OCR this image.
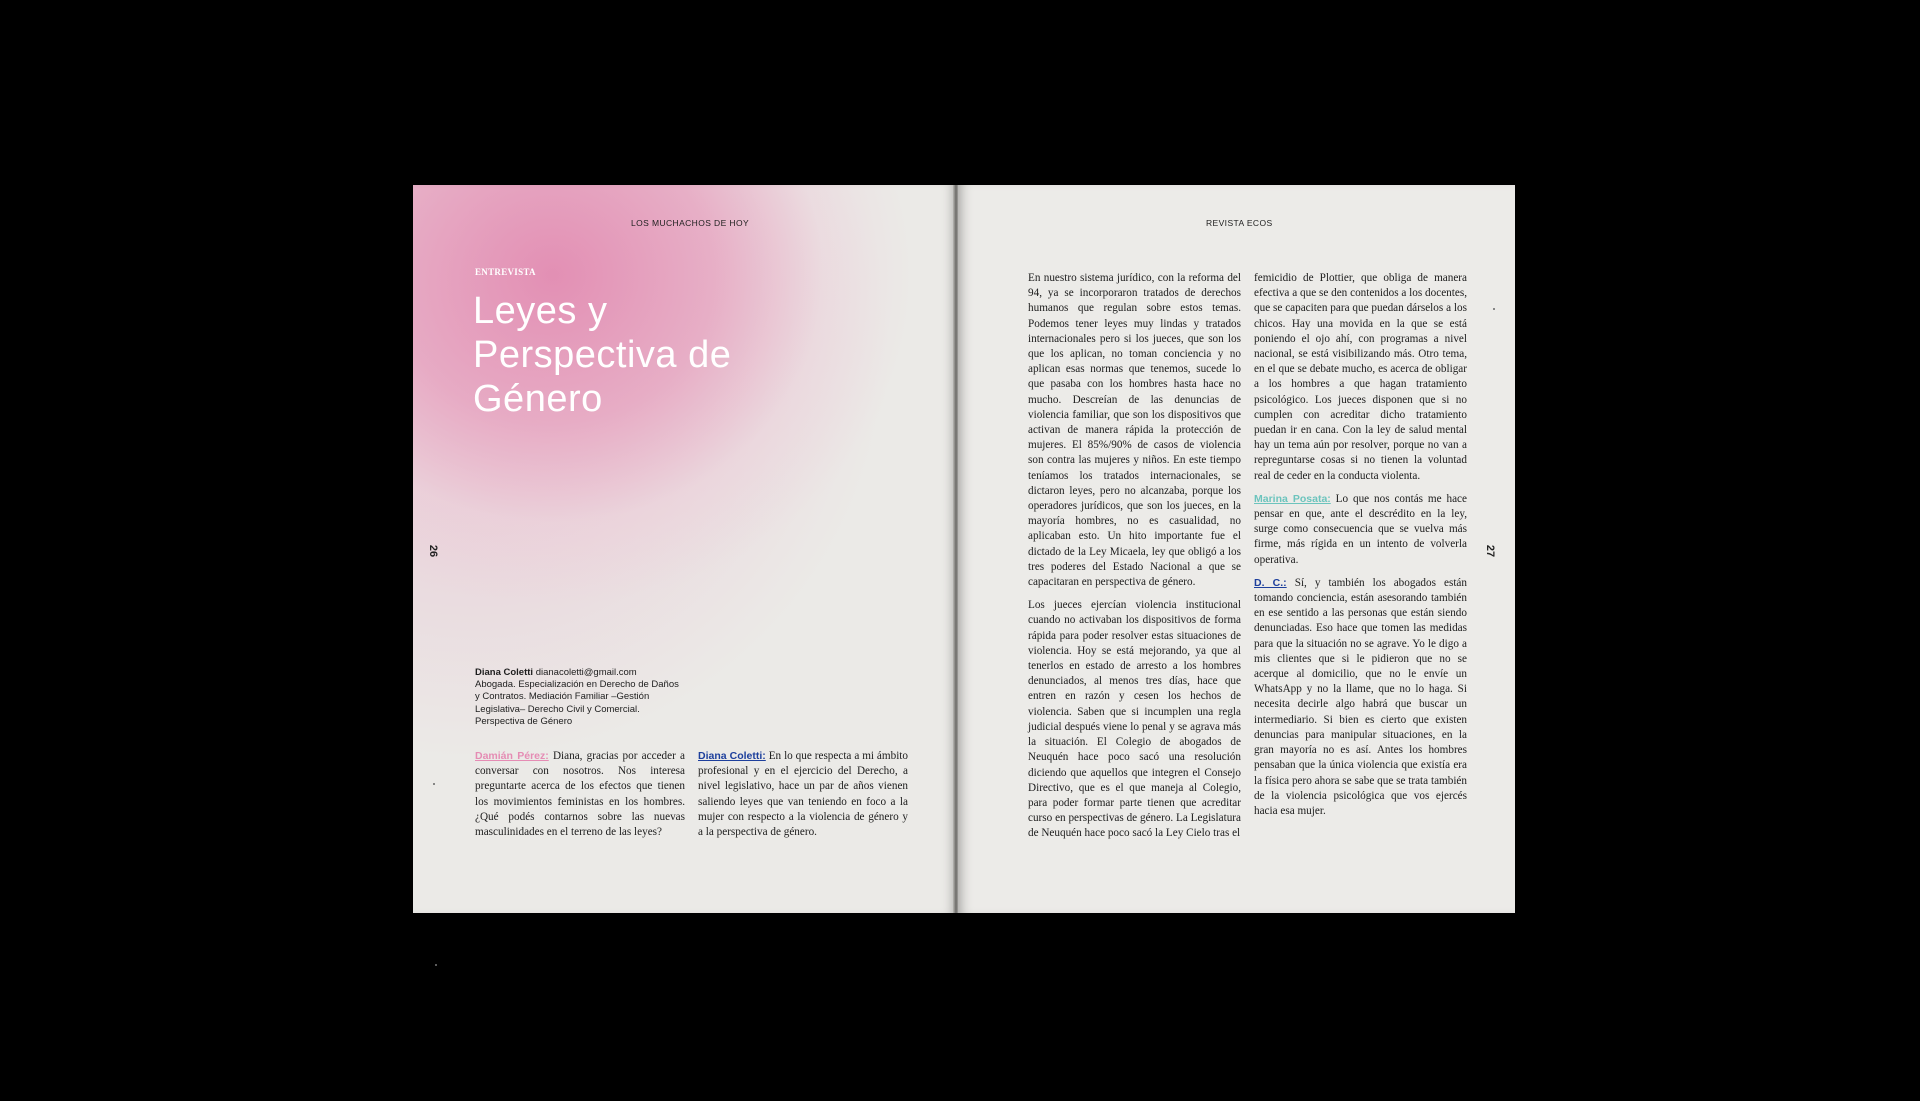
LOS MUCHACHOS DE HOY
26
ENTREVISTA
Leyes y Perspectiva de Género
Diana Coletti dianacoletti@gmail.com
Abogada. Especialización en Derecho de Daños y Contratos. Mediación Familiar –Gestión Legislativa– Derecho Civil y Comercial. Perspectiva de Género

Damián Pérez: Diana, gracias por acceder a conversar con nosotros. Nos interesa preguntarte acerca de los efectos que tienen los movimientos feministas en los hombres. ¿Qué podés contarnos sobre las nuevas masculinidades en el terreno de las leyes?

Diana Coletti: En lo que respecta a mi ámbito profesional y en el ejercicio del Derecho, a nivel legislativo, hace un par de años vienen saliendo leyes que van teniendo en foco a la mujer con respecto a la violencia de género y a la perspectiva de género.

REVISTA ECOS
27

En nuestro sistema jurídico, con la reforma del 94, ya se incorporaron tratados de derechos humanos que regulan sobre estos temas. Podemos tener leyes muy lindas y tratados internacionales pero si los jueces, que son los que los aplican, no toman conciencia y no aplican esas normas que tenemos, sucede lo que pasaba con los hombres hasta hace no mucho. Descreían de las denuncias de violencia familiar, que son los dispositivos que activan de manera rápida la protección de mujeres. El 85%/90% de casos de violencia son contra las mujeres y niños. En este tiempo teníamos los tratados internacionales, se dictaron leyes, pero no alcanzaba, porque los operadores jurídicos, que son los jueces, en la mayoría hombres, no es casualidad, no aplicaban esto. Un hito importante fue el dictado de la Ley Micaela, ley que obligó a los tres poderes del Estado Nacional a que se capacitaran en perspectiva de género.

Los jueces ejercían violencia institucional cuando no activaban los dispositivos de forma rápida para poder resolver estas situaciones de violencia. Hoy se está mejorando, ya que al tenerlos en estado de arresto a los hombres denunciados, al menos tres días, hace que entren en razón y cesen los hechos de violencia. Saben que si incumplen una regla judicial después viene lo penal y se agrava más la situación. El Colegio de abogados de Neuquén hace poco sacó una resolución diciendo que aquellos que integren el Consejo Directivo, que es el que maneja al Colegio, para poder formar parte tienen que acreditar curso en perspectivas de género. La Legislatura de Neuquén hace poco sacó la Ley Cielo tras el

femicidio de Plottier, que obliga de manera efectiva a que se den contenidos a los docentes, que se capaciten para que puedan dárselos a los chicos. Hay una movida en la que se está poniendo el ojo ahí, con programas a nivel nacional, se está visibilizando más. Otro tema, en el que se debate mucho, es acerca de obligar a los hombres a que hagan tratamiento psicológico. Los jueces disponen que si no cumplen con acreditar dicho tratamiento puedan ir en cana. Con la ley de salud mental hay un tema aún por resolver, porque no van a repreguntarse cosas si no tienen la voluntad real de ceder en la conducta violenta.

Marina Posata: Lo que nos contás me hace pensar en que, ante el descrédito en la ley, surge como consecuencia que se vuelva más firme, más rígida en un intento de volverla operativa.

D. C.: Sí, y también los abogados están tomando conciencia, están asesorando también en ese sentido a las personas que están siendo denunciadas. Eso hace que tomen las medidas para que la situación no se agrave. Yo le digo a mis clientes que si le pidieron que no se acerque al domicilio, que no le envíe un WhatsApp y no la llame, que no lo haga. Si necesita decirle algo habrá que buscar un intermediario. Si bien es cierto que existen denuncias para manipular situaciones, en la gran mayoría no es así. Antes los hombres pensaban que la única violencia que existía era la física pero ahora se sabe que se trata también de la violencia psicológica que vos ejercés hacia esa mujer.
